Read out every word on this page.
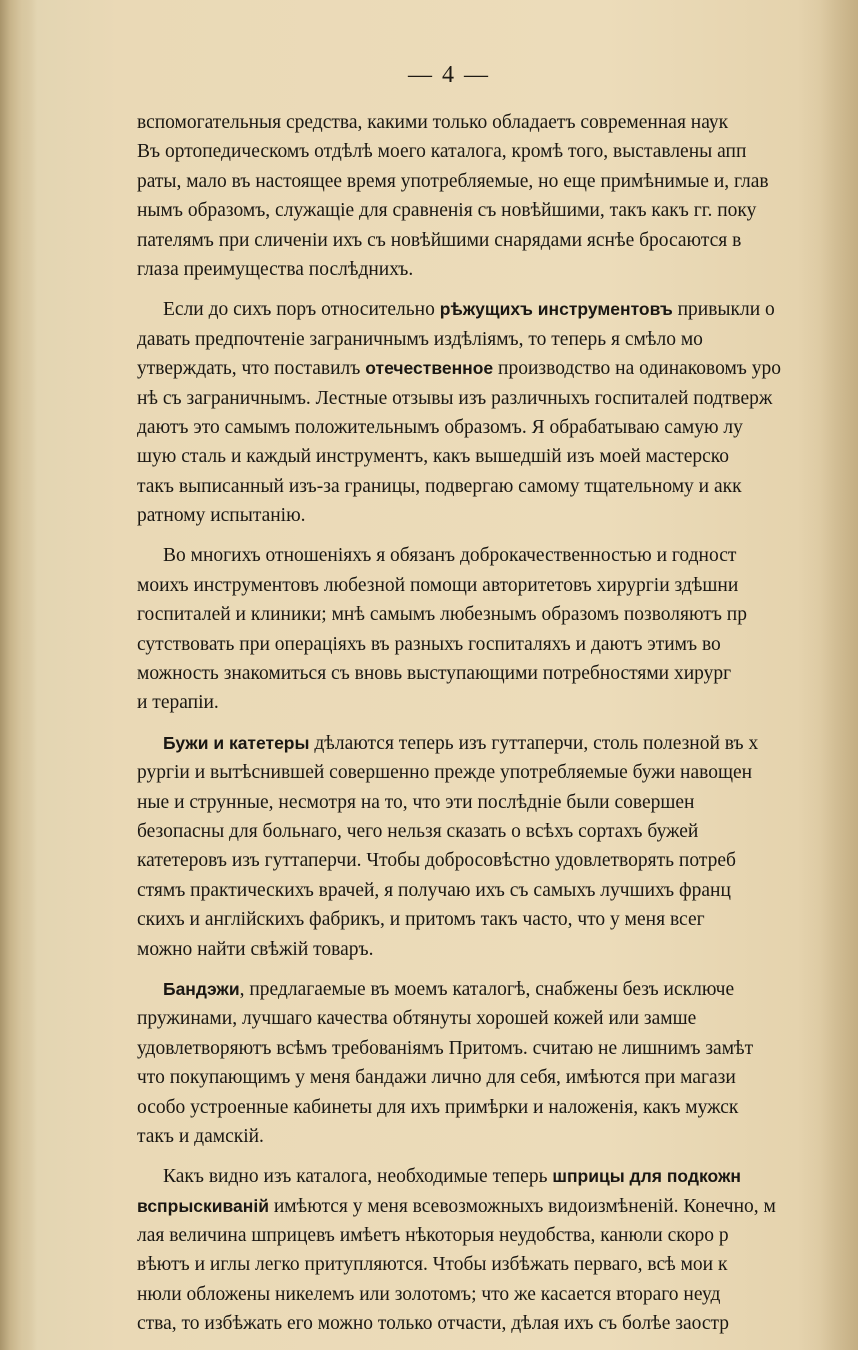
— 4 —
вспомогательныя средства, какими только обладаетъ современная наук
Въ ортопедическомъ отдѣлѣ моего каталога, кромѣ того, выставлены апп
раты, мало въ настоящее время употребляемые, но еще примѣнимые и, глав
нымъ образомъ, служащіе для сравненія съ новѣйшими, такъ какъ гг. поку
пателямъ при сличеніи ихъ съ новѣйшими снарядами яснѣе бросаются в
глаза преимущества послѣднихъ.
Если до сихъ поръ относительно рѣжущихъ инструментовъ привыкли о
давать предпочтеніе заграничнымъ издѣліямъ, то теперь я смѣло мо
утверждать, что поставилъ отечественное производство на одинаковомъ уро
нѣ съ заграничнымъ. Лестные отзывы изъ различныхъ госпиталей подтверж
даютъ это самымъ положительнымъ образомъ. Я обрабатываю самую лу
шую сталь и каждый инструментъ, какъ вышедшій изъ моей мастерско
такъ выписанный изъ-за границы, подвергаю самому тщательному и акк
ратному испытанію.
Во многихъ отношеніяхъ я обязанъ доброкачественностью и годност
моихъ инструментовъ любезной помощи авторитетовъ хирургіи здѣшни
госпиталей и клиники; мнѣ самымъ любезнымъ образомъ позволяютъ пр
сутствовать при операціяхъ въ разныхъ госпиталяхъ и даютъ этимъ во
можность знакомиться съ вновь выступающими потребностями хирург
и терапіи.
Бужи и катетеры дѣлаются теперь изъ гуттаперчи, столь полезной въ х
рургіи и вытѣснившей совершенно прежде употребляемые бужи навощен
ные и струнные, несмотря на то, что эти послѣдніе были совершен
безопасны для больнаго, чего нельзя сказать о всѣхъ сортахъ бужей
катетеровъ изъ гуттаперчи. Чтобы добросовѣстно удовлетворять потреб
стямъ практическихъ врачей, я получаю ихъ съ самыхъ лучшихъ франц
скихъ и англійскихъ фабрикъ, и притомъ такъ часто, что у меня всег
можно найти свѣжій товаръ.
Бандэжи, предлагаемые въ моемъ каталогѣ, снабжены безъ исключе
пружинами, лучшаго качества обтянуты хорошей кожей или замше
удовлетворяютъ всѣмъ требованіямъ Притомъ. считаю не лишнимъ замѣт
что покупающимъ у меня бандажи лично для себя, имѣются при магази
особо устроенные кабинеты для ихъ примѣрки и наложенія, какъ мужск
такъ и дамскій.
Какъ видно изъ каталога, необходимые теперь шприцы для подкожн
вспрыскиваній имѣются у меня всевозможныхъ видоизмѣненій. Конечно, м
лая величина шприцевъ имѣетъ нѣкоторыя неудобства, канюли скоро р
вѣютъ и иглы легко притупляются. Чтобы избѣжать перваго, всѣ мои к
нюли обложены никелемъ или золотомъ; что же касается втораго неуд
ства, то избѣжать его можно только отчасти, дѣлая ихъ съ болѣе заостр
